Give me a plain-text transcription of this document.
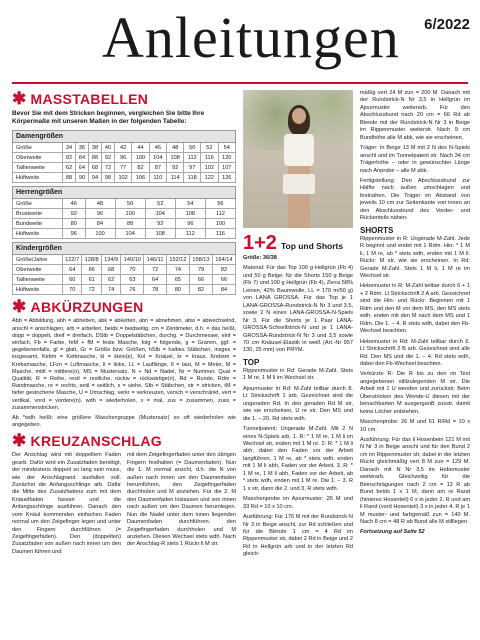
Anleitungen 6/2022
✱ MASSTABELLEN
Bevor Sie mit dem Stricken beginnen, vergleichen Sie bitte Ihre Körpermaße mit unseren Maßen in der folgenden Tabelle:
Damengrößen											
Größe	34	36	38	40	42	44	46	48	50	52	54
Oberweite	82	84	88	92	96	100	104	108	112	116	120
Taillenweite	62	64	68	72	77	82	87	92	97	102	107
Hüftweite	88	90	94	98	102	106	110	114	118	122	126
Herrengrößen						
Größe	46	48	50	52	54	56
Brustweite	92	96	100	104	108	112
Bundweite	80	84	88	92	96	100
Hüftweite	96	100	104	108	112	116
Kindergrößen								
Größe/Jahre	122/7	128/8	134/9	140/10	146/11	152/12	158/13	164/14
Oberweite	64	66	68	70	72	74	79	82
Taillenweite	60	61	62	63	64	65	66	66
Hüftweite	70	72	74	76	78	80	82	84
✱ ABKÜRZUNGEN
Abb = Abbildung, abh = abheben, abk = abketten, abn = abnehmen, abw = abwechselnd, anschl = anschlagen, arb = arbeiten, beids = beidseitig, cm = Zentimeter, d.h. = das heißt, dopp = doppelt, dreif = dreifach, DStb = Doppelstäbchen, durchg. = Durchmesser, einf = einfach, Fb = Farbe, feM + fM = feste Masche, folg = folgende, g = Gramm, ggf. = gegebenenfalls, gl = glatt, Gr = Größe bzw. Größen, hStb = halbes Stäbchen, insges = insgesamt, Kettm = Kettmasche, kl = klein(e), Knl = Knäuel, kr = kraus, Krebsm = Krebsmasche, LFzn = Luftmasche, li = links, LL = Lauflänge, lt = laut, M = Meter, M = Masche, mittl = mittlere(n), MS = Mustersatz, N + Nd = Nadel, Nr = Nummer, Qual = Qualität, R = Reihe, restl = restliche, rückw = rückwärtige(n), Rd = Runde, Rdm = Randmasche, re = rechts, seitl = seitlich, s = siehe, Stb = Stäbchen, str = stricken, tM = tiefer gestochene Masche, U = Umschlag, verkr = verkreuzen, versch = verschränkt, vert = vertikal, vord = vordere(n), wdh = wiederholen, x = mal, zus = zusammen, zuss = zusammenstricken.
Ab *wdh heißt: eine größere Maschengruppe (Mustersatz) so oft wiederholen wie angegeben.
✱ KREUZANSCHLAG

Der Anschlag wird mit doppeltem Faden gearb. Dafür wird ein Zusatzfaden benötigt, der mindestens doppelt so lang sein muss, wie der Anschlagrand ausfallen soll. Zunächst die Anfangsschlinge arb. Dafür die Mitte des Zusatzfadens zum mit dem Knäuelfaden fassen und die Anfangsschlinge ausführen. Danach den vom Knäul kommenden einfachen Faden normal um den Zeigefinger legen und unter den Fingern durchführen (= Zeigefingerfaden). Den (doppelten) Zusatzfaden von außen nach innen um den Daumen führen und

mit dem Zeigefingerfaden unter den übrigen Fingern festhalten (= Daumenfaden). Nun die 1. M normal anschl, d.h. die N von außen nach innen um den Daumenfaden herumführen, den Zeigefingerfaden durchholen und M anziehen. Für die 2. M den Daumenfaden loslassen und von innen nach außen um den Daumen herumlegen. Nun die Nadel unter dem innen liegenden Daumenfaden durchführen, den Zeigefingerfaden durchholen und M anziehen. Diesen Wechsel stets wdh. Nach der Anschlag-R stets 1 Rückr li M str.

1+2 Top und Shorts
Größe: 36/38
Material: Für das Top 100 g Hellgrün (Fb 4) und 50 g Beige; für die Shorts 150 g Beige (Fb 7) und 100 g Hellgrün (Fb 4), Zerra 58% Leinen, 42% Baumwolle, LL = 170 m/50 g) von LANA GROSSA. Für das Top je 1 LANA-GROSSA-Rundstrick-N Nr 3 und 3,5, sowie 2 N eines LANA-GROSSA-N-Spiels Nr 3. Für die Shorts je 1 Paar LANA-GROSSA-Schnellstrick-N und je 1 LANA-GROSSA-Rundstrick-N Nr 3 und 3,5 sowie 70 cm Knäusel-Elastik in weiß (Art.-Nr 957 130, 25 mm) von PRYM.
TOP
Rippenmuster in Rd: Gerade M-Zahl. Stets 1 M re, 1 M li im Wechsel str.
Ajourmuster in Rd: M-Zahl teilbar durch 8. Lt Strickschrift 1 arb. Gezeichnet sind die ungeraden Rd. In den geraden Rd M str, wie sie erscheinen, U re str. Den MS und die 1. – 20. Rd stets wdh.
Tunnelpatent: Ungerade M-Zahl. Mit 2 N eines N-Spiels arb. 1. R: * 1 M re, 1 M li im Wechsel str, enden mit 1 M re. 2. R: * 1 M li abh, dabei den Faden vor der Arbeit langführen, 1 M re, ab * stets wdh, enden mit 1 M li abh, Faden vor der Arbeit. 3. R: * 1 M re, 1 M li abh, Faden vor der Arbeit, ab * stets wdh, enden mit 1 M re. Die 1. – 3. R 1 x str, dann die 2. und 3. R stets wdh.
Maschenprobe im Ajourmuster: 25 M und 33 Rd = 10 x 10 cm.
Ausführung: Für 176 M mit der Rundstrick-N Nr 3 in Beige anschl, zur Rd schließen und für die Blende 1 cm = 4 Rd im Rippenmuster str, dabei 2 Rd in Beige und 2 Rd in Hellgrün arb und in der letzten Rd gleich-
mäßig vert 24 M zun = 200 M. Danach mit der Rundstrick-N Nr 3,5 in Hellgrün im Ajourmuster weiterarb. Für den Abschlussbund nach 20 cm = 66 Rd ab Blende mit der Rundstrick-N Nr 3 in Beige im Rippenmuster weiterstr. Nach 9 cm Bundhöhe alle M abk, wie sie erscheinen.
Träger: In Beige 13 M mit 2 N des N-Spiels anschl und im Tunnelpatent str. Nach 34 cm Trägerhöhe – oder in gewünschter Länge nach Anprobe – alle M abk.
Fertigstellung: Den Abschlussbund zur Hälfte nach außen umschlagen und festnähen. Die Träger im Abstand von jeweils 10 cm zur Seitenkante von innen an den Abschlussbund des Vorder- und Rückenteils nähen.
SHORTS
Rippenmuster in R: Ungerade M-Zahl. Jede R beginnt und endet mit 1 Rdm. Hin: * 1 M li, 1 M re, ab * stets wdh, enden mit 1 M li. Rückr: M str, wie sie erscheinen. In Rd: Gerade M-Zahl. Stets 1 M li, 1 M re im Wechsel str.
Hebemuster in R: M-Zahl teilbar durch 6 + 1 + 2 Rdm. Lt Strickschrift 2 A arb. Gezeichnet sind die Hin- und Rückr. Beginnen mit 1 Rdm und den M vor dem MS, den MS stets wdh, enden mit den M nach dem MS und 1 Rdm. Die 1. – 4. R stets wdh, dabei den Fb-Wechsel beachten.
Hebemuster in Rd: M-Zahl teilbar durch 6. Lt Strickschrift 2 B arb. Gezeichnet sind alle Rd. Den MS und die 1. – 4. Rd stets wdh, dabei den Fb-Wechsel beachten.
Verkürzte R: Die R bis zu den im Text angegebenen stillzulegenden M str. Die Arbeit mit 1 U wenden und zurückstr. Beim Überstricken des Wende-U diesen mit der benachbarten M ausgerganB zusstr, damit keine Löcher entstehen.
Maschenprobe: 26 M und 61 R/Rd = 10 x 10 cm.
Ausführung: Für das li Hosenbein 121 M mit N Nr 3 in Beige anschl und für den Bund 2 cm im Rippenmuster str, dabei in der letzten Rückr gleichmäßig vert 8 M zun = 129 M. Danach mit N Nr 3,5 im Hebemuster weiterarb. Gleichzeitig für die Beinschrägungen nach 2 cm = 12 R ab Bund beids 1 x 1 M, dann am re Rand (hinteres Hosenteil) 6 x in jeder 2. R und am li Rand (vord Hosenteil) 3 x in jeder 4. R je 1 M muster- und farbgemäß zun = 140 M. Nach 8 cm = 48 R ab Bund alle M stilllegen.
Fortsetzung auf Seite 52
